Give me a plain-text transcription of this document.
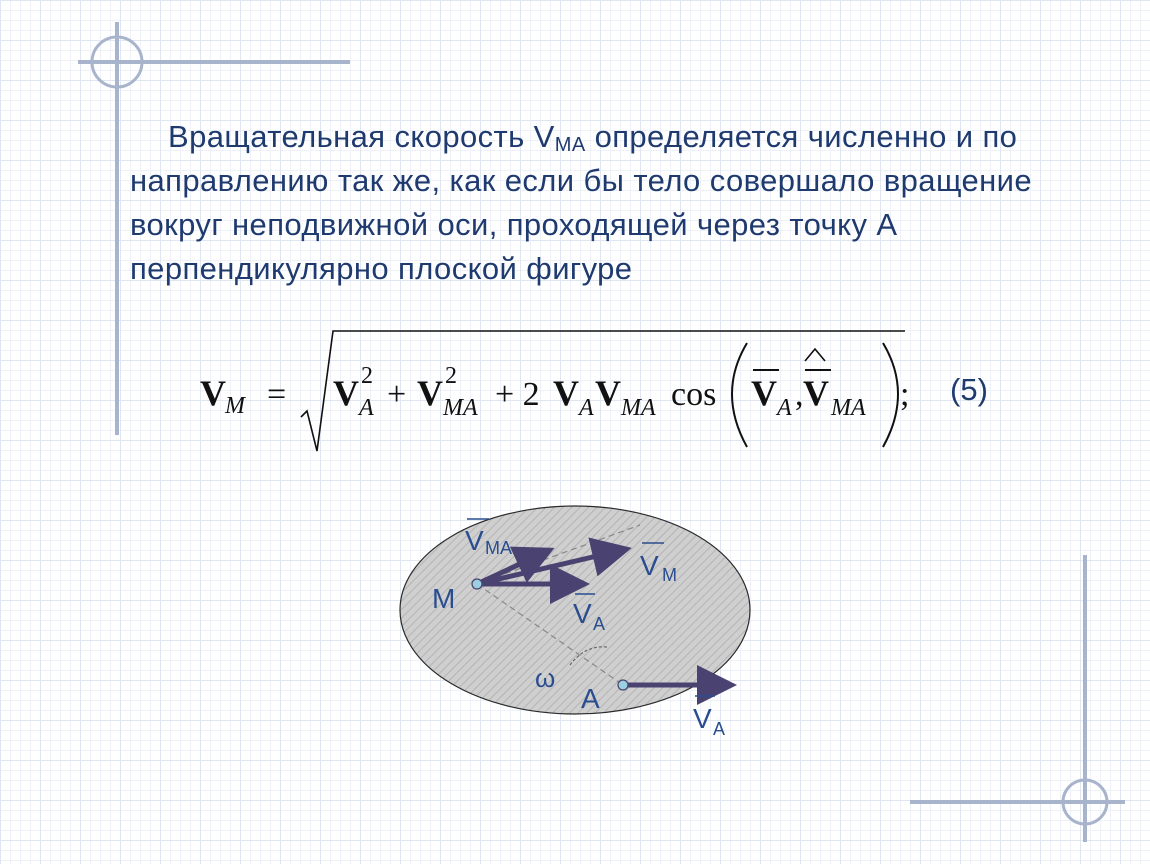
Вращательная скорость $V_{MA}$ определяется численно и по направлению так же, как если бы тело совершало вращение вокруг неподвижной оси, проходящей через точку А перпендикулярно плоской фигуре
V M = V 2
A + V 2
MA + 2 V A V MA cos V A , V MA ; (5)
V MA
V M
M	V A
ω
A
V A
